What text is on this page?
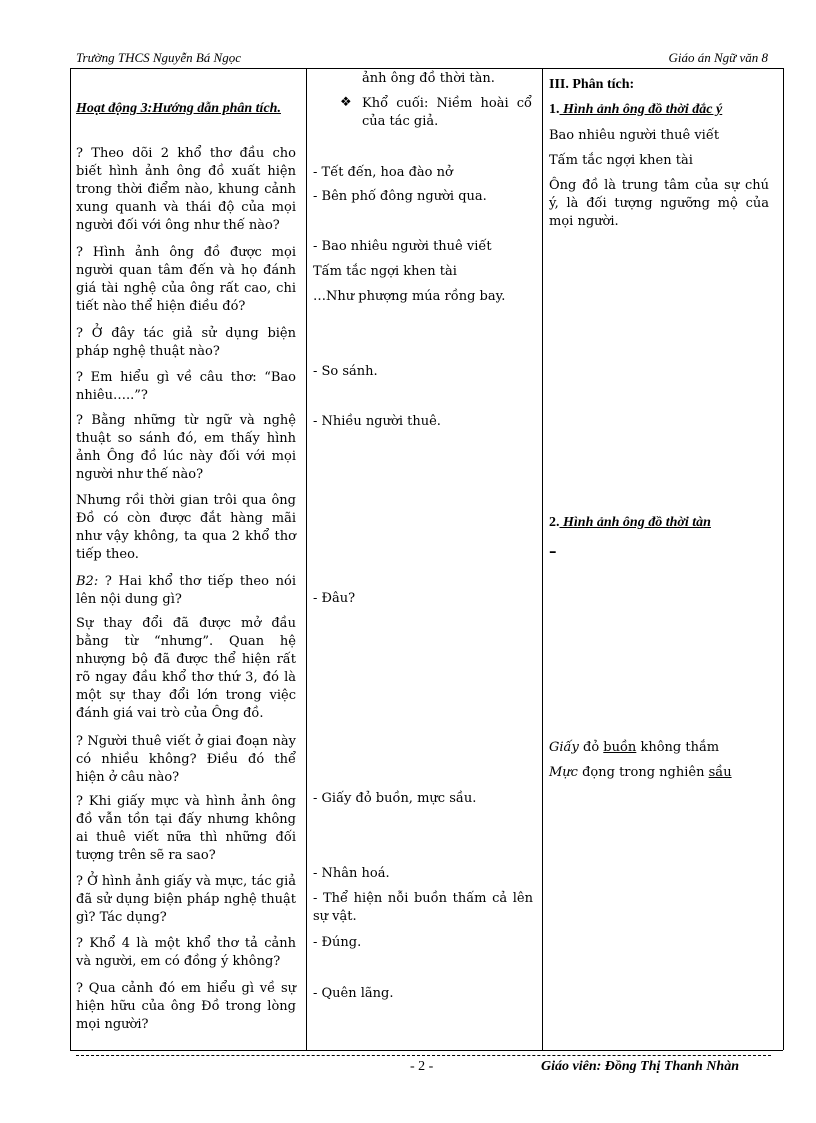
Trường THCS Nguyễn Bá Ngọc	Giáo án Ngữ văn 8
Hoạt động 3:Hướng dẫn phân tích.
? Theo dõi 2 khổ thơ đầu cho biết hình ảnh ông đồ xuất hiện trong thời điểm nào, khung cảnh xung quanh và thái độ của mọi người đối với ông như thế nào?
? Hình ảnh ông đồ được mọi người quan tâm đến và họ đánh giá tài nghệ của ông rất cao, chi tiết nào thể hiện điều đó?
? Ở đây tác giả sử dụng biện pháp nghệ thuật nào?
? Em hiểu gì về câu thơ: “Bao nhiêu…..”?
? Bằng những từ ngữ và nghệ thuật so sánh đó, em thấy hình ảnh Ông đồ lúc này đối với mọi người như thế nào?
Nhưng rồi thời gian trôi qua ông Đồ có còn được đắt hàng mãi như vậy không, ta qua 2 khổ thơ tiếp theo.
B2: ? Hai khổ thơ tiếp theo nói lên nội dung gì?
Sự thay đổi đã được mở đầu bằng từ “nhưng”. Quan hệ nhượng bộ đã được thể hiện rất rõ ngay đầu khổ thơ thứ 3, đó là một sự thay đổi lớn trong việc đánh giá vai trò của Ông đồ.
? Người thuê viết ở giai đoạn này có nhiều không? Điều đó thể hiện ở câu nào?
? Khi giấy mực và hình ảnh ông đồ vẫn tồn tại đấy nhưng không ai thuê viết nữa thì những đối tượng trên sẽ ra sao?
? Ở hình ảnh giấy và mực, tác giả đã sử dụng biện pháp nghệ thuật gì? Tác dụng?
? Khổ 4 là một khổ thơ tả cảnh và người, em có đồng ý không?
? Qua cảnh đó em hiểu gì về sự hiện hữu của ông Đồ trong lòng mọi người?
ảnh ông đồ thời tàn.
❖ Khổ cuối: Niềm hoài cổ của tác giả.
- Tết đến, hoa đào nở
- Bên phố đông người qua.
- Bao nhiêu người thuê viết
Tấm tắc ngợi khen tài
…Như phượng múa rồng bay.
- So sánh.
- Nhiều người thuê.
- Đâu?
- Giấy đỏ buồn, mực sầu.
- Nhân hoá.
- Thể hiện nỗi buồn thấm cả lên sự vật.
- Đúng.
- Quên lãng.
III. Phân tích:
1. Hình ảnh ông đồ thời đắc ý
Bao nhiêu người thuê viết
Tấm tắc ngợi khen tài
Ông đồ là trung tâm của sự chú ý, là đối tượng ngưỡng mộ của mọi người.
2. Hình ảnh ông đồ thời tàn
–
Giấy đỏ buồn không thắm
Mực đọng trong nghiên sầu
- 2 -	Giáo viên: Đồng Thị Thanh Nhàn
